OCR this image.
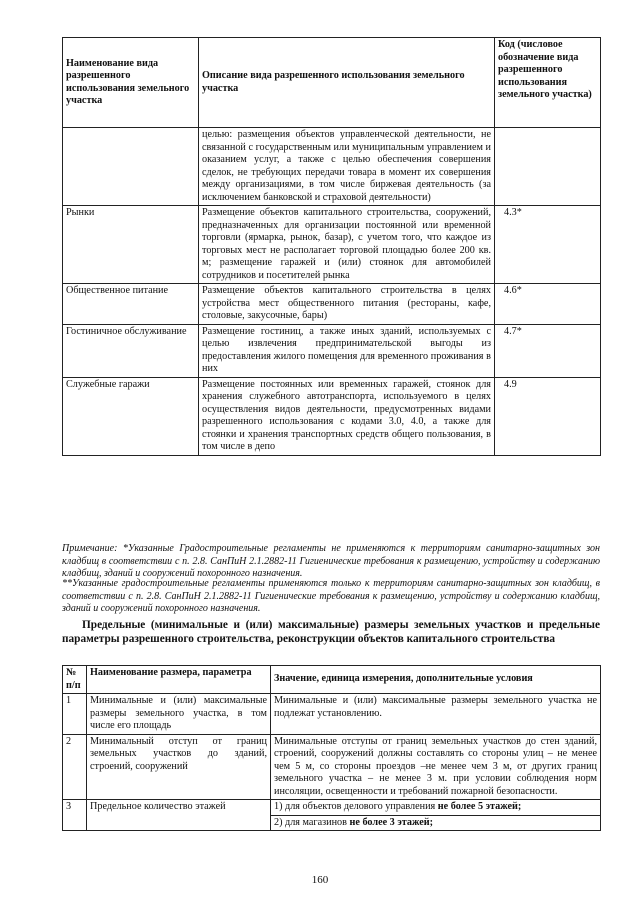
Наименование вида разрешенного использования земельного участка	Описание вида разрешенного использования земельного участка	Код (числовое обозначение вида разрешенного использования земельного участка)
	целью: размещения объектов управленческой деятельности, не связанной с государственным или муниципальным управлением и оказанием услуг, а также с целью обеспечения совершения сделок, не требующих передачи товара в момент их совершения между организациями, в том числе биржевая деятельность (за исключением банковской и страховой деятельности)	
Рынки	Размещение объектов капитального строительства, сооружений, предназначенных для организации постоянной или временной торговли (ярмарка, рынок, базар), с учетом того, что каждое из торговых мест не располагает торговой площадью более 200 кв. м; размещение гаражей и (или) стоянок для автомобилей сотрудников и посетителей рынка	4.3*
Общественное питание	Размещение объектов капитального строительства в целях устройства мест общественного питания (рестораны, кафе, столовые, закусочные, бары)	4.6*
Гостиничное обслуживание	Размещение гостиниц, а также иных зданий, используемых с целью извлечения предпринимательской выгоды из предоставления жилого помещения для временного проживания в них	4.7*
Служебные гаражи	Размещение постоянных или временных гаражей, стоянок для хранения служебного автотранспорта, используемого в целях осуществления видов деятельности, предусмотренных видами разрешенного использования с кодами 3.0, 4.0, а также для стоянки и хранения транспортных средств общего пользования, в том числе в депо	4.9

Примечание: *Указанные Градостроительные регламенты не применяются к территориям санитарно-защитных зон кладбищ в соответствии с п. 2.8. СанПиН 2.1.2882-11 Гигиенические требования к размещению, устройству и содержанию кладбищ, зданий и сооружений похоронного назначения.

**Указанные градостроительные регламенты применяются только к территориям санитарно-защитных зон кладбищ, в соответствии с п. 2.8. СанПиН 2.1.2882-11 Гигиенические требования к размещению, устройству и содержанию кладбищ, зданий и сооружений похоронного назначения.

Предельные (минимальные и (или) максимальные) размеры земельных участков и предельные параметры разрешенного строительства, реконструкции объектов капитального строительства

№ п/п	Наименование размера, параметра	Значение, единица измерения, дополнительные условия
1	Минимальные и (или) максимальные размеры земельного участка, в том числе его площадь	Минимальные и (или) максимальные размеры земельного участка не подлежат установлению.
2	Минимальный отступ от границ земельных участков до зданий, строений, сооружений	Минимальные отступы от границ земельных участков до стен зданий, строений, сооружений должны составлять со стороны улиц – не менее чем 5 м, со стороны проездов –не менее чем 3 м, от других границ земельного участка – не менее 3 м. при условии соблюдения норм инсоляции, освещенности и требований пожарной безопасности.
3	Предельное количество этажей	1) для объектов делового управления не более 5 этажей;
2) для магазинов не более 3 этажей;
160
